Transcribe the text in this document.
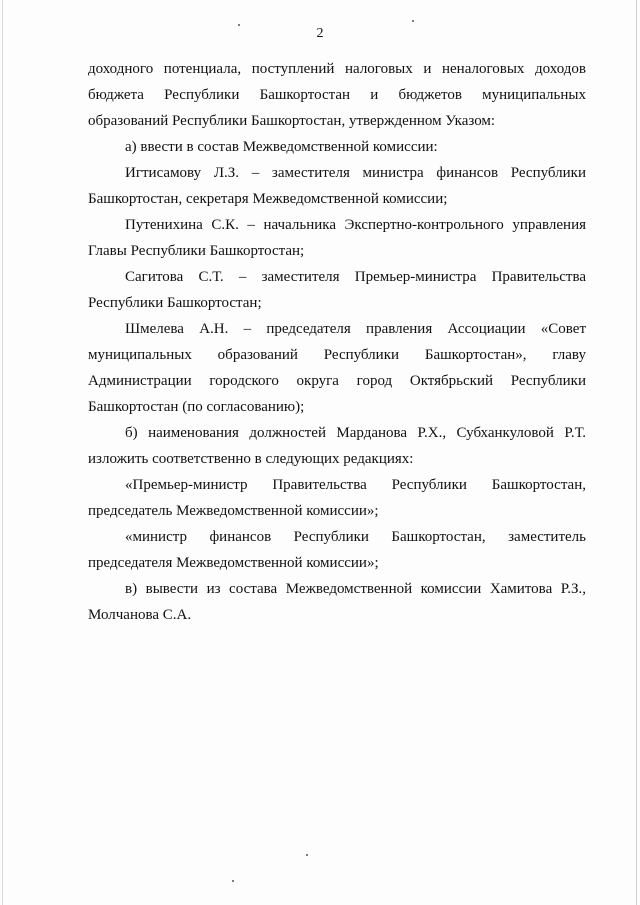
2

доходного потенциала, поступлений налоговых и неналоговых доходов бюджета Республики Башкортостан и бюджетов муниципальных образований Республики Башкортостан, утвержденном Указом:

а) ввести в состав Межведомственной комиссии:

Игтисамову Л.З. – заместителя министра финансов Республики Башкортостан, секретаря Межведомственной комиссии;

Путенихина С.К. – начальника Экспертно-контрольного управления Главы Республики Башкортостан;

Сагитова С.Т. – заместителя Премьер-министра Правительства Республики Башкортостан;

Шмелева А.Н. – председателя правления Ассоциации «Совет муниципальных образований Республики Башкортостан», главу Администрации городского округа город Октябрьский Республики Башкортостан (по согласованию);

б) наименования должностей Марданова Р.Х., Субханкуловой Р.Т. изложить соответственно в следующих редакциях:

«Премьер-министр Правительства Республики Башкортостан, председатель Межведомственной комиссии»;

«министр финансов Республики Башкортостан, заместитель председателя Межведомственной комиссии»;

в) вывести из состава Межведомственной комиссии Хамитова Р.З., Молчанова С.А.
